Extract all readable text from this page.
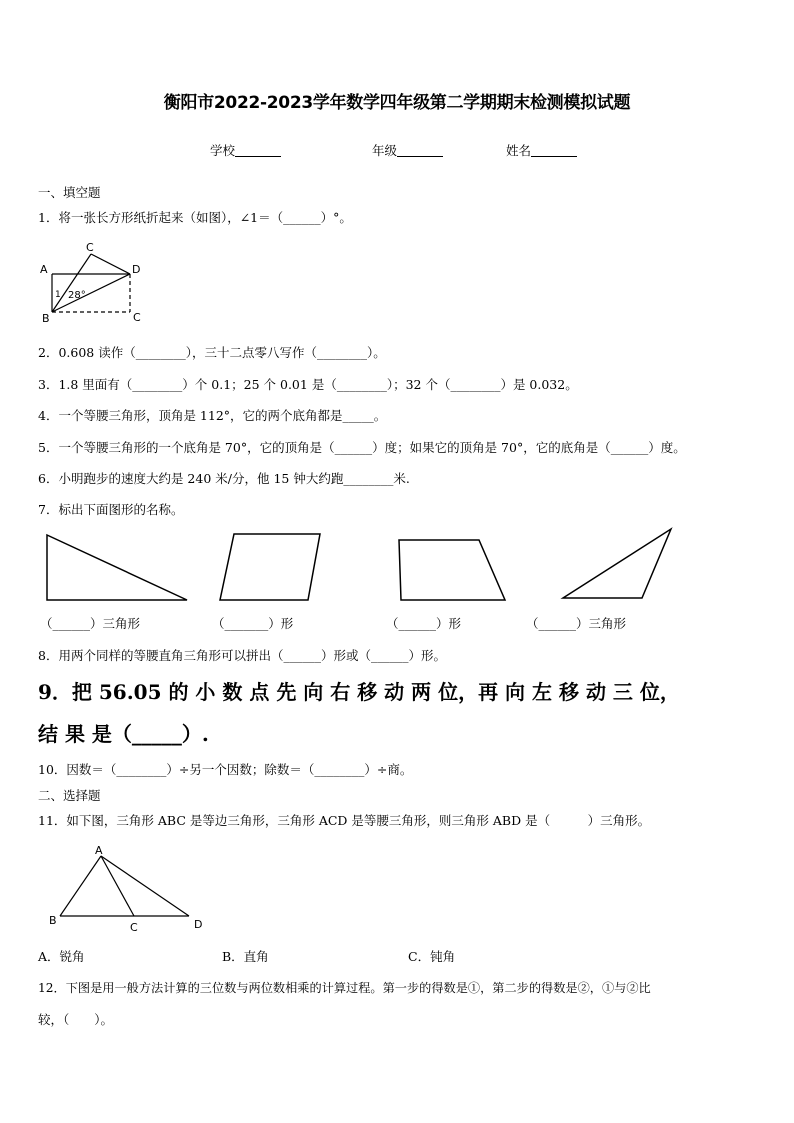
衡阳市2022-2023学年数学四年级第二学期期末检测模拟试题
学校	年级	姓名
一、填空题
1．将一张长方形纸折起来（如图），∠1＝（______）°。
A
C
D
B	C
1 28°
2．0.608 读作（________），三十二点零八写作（________）。
3．1.8 里面有（________）个 0.1；25 个 0.01 是（________）；32 个（________）是 0.032。
4．一个等腰三角形，顶角是 112°，它的两个底角都是_____。
5．一个等腰三角形的一个底角是 70°，它的顶角是（______）度；如果它的顶角是 70°，它的底角是（______）度。
6．小明跑步的速度大约是 240 米/分，他 15 钟大约跑________米.
7．标出下面图形的名称。
（______）三角形	（_______）形	（______）形	（______）三角形
8．用两个同样的等腰直角三角形可以拼出（______）形或（______）形。
9．把 56.05 的 小 数 点 先 向 右 移 动 两 位，再 向 左 移 动 三 位，
结 果 是（_____）.
10．因数＝（________）÷另一个因数；除数＝（________）÷商。
二、选择题
11．如下图，三角形 ABC 是等边三角形，三角形 ACD 是等腰三角形，则三角形 ABD 是（　　　）三角形。
A
B
C	D
A．锐角	B．直角	C．钝角
12．下图是用一般方法计算的三位数与两位数相乘的计算过程。第一步的得数是①，第二步的得数是②，①与②比
较，（　　）。
